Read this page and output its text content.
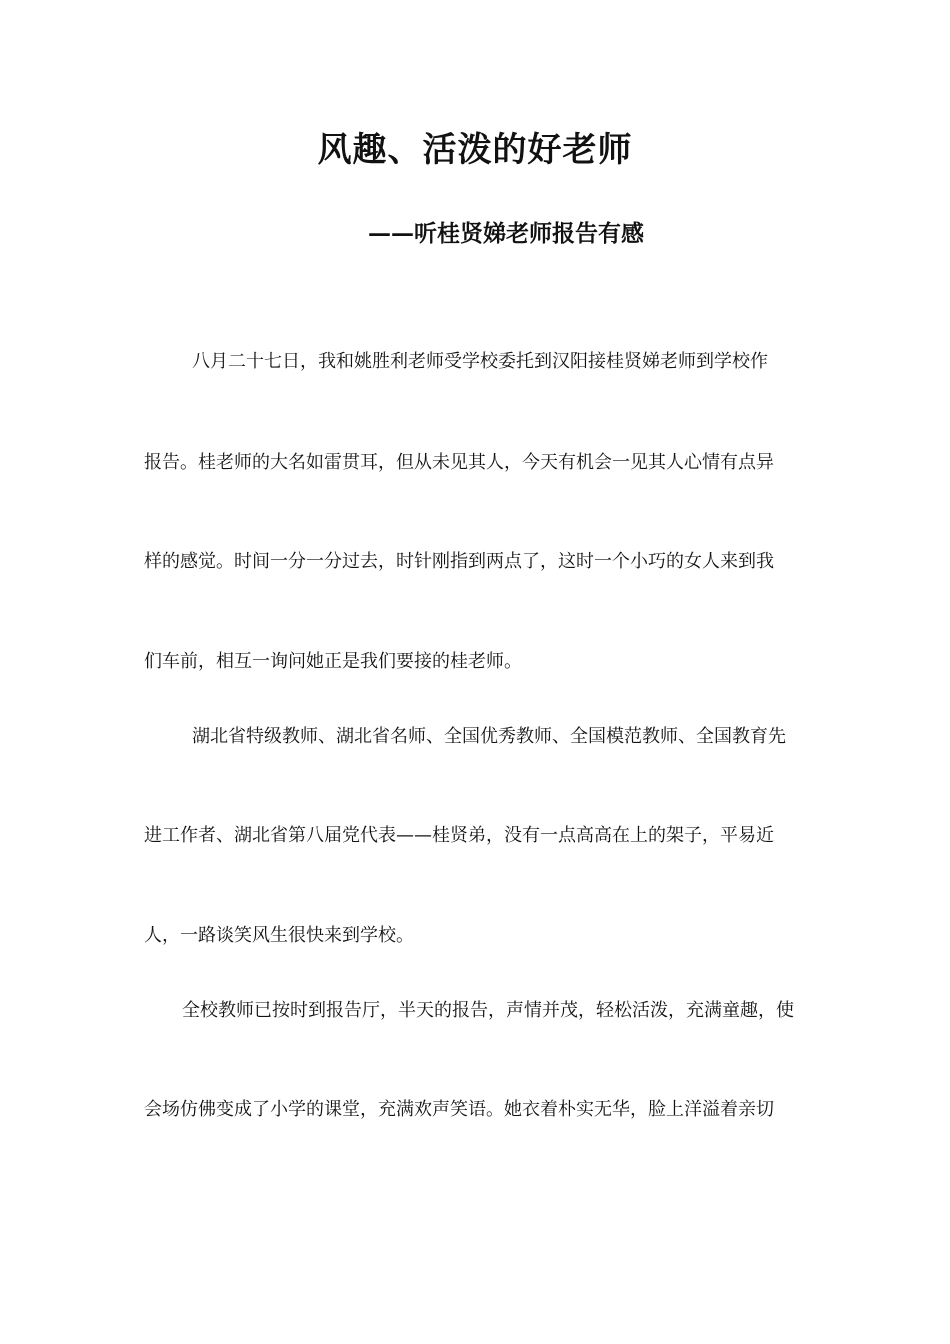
风趣、活泼的好老师
——听桂贤娣老师报告有感

八月二十七日，我和姚胜利老师受学校委托到汉阳接桂贤娣老师到学校作

报告。桂老师的大名如雷贯耳，但从未见其人，今天有机会一见其人心情有点异

样的感觉。时间一分一分过去，时针刚指到两点了，这时一个小巧的女人来到我

们车前，相互一询问她正是我们要接的桂老师。

湖北省特级教师、湖北省名师、全国优秀教师、全国模范教师、全国教育先

进工作者、湖北省第八届党代表——桂贤弟，没有一点高高在上的架子，平易近

人，一路谈笑风生很快来到学校。

全校教师已按时到报告厅，半天的报告，声情并茂，轻松活泼，充满童趣，使

会场仿佛变成了小学的课堂，充满欢声笑语。她衣着朴实无华，脸上洋溢着亲切
